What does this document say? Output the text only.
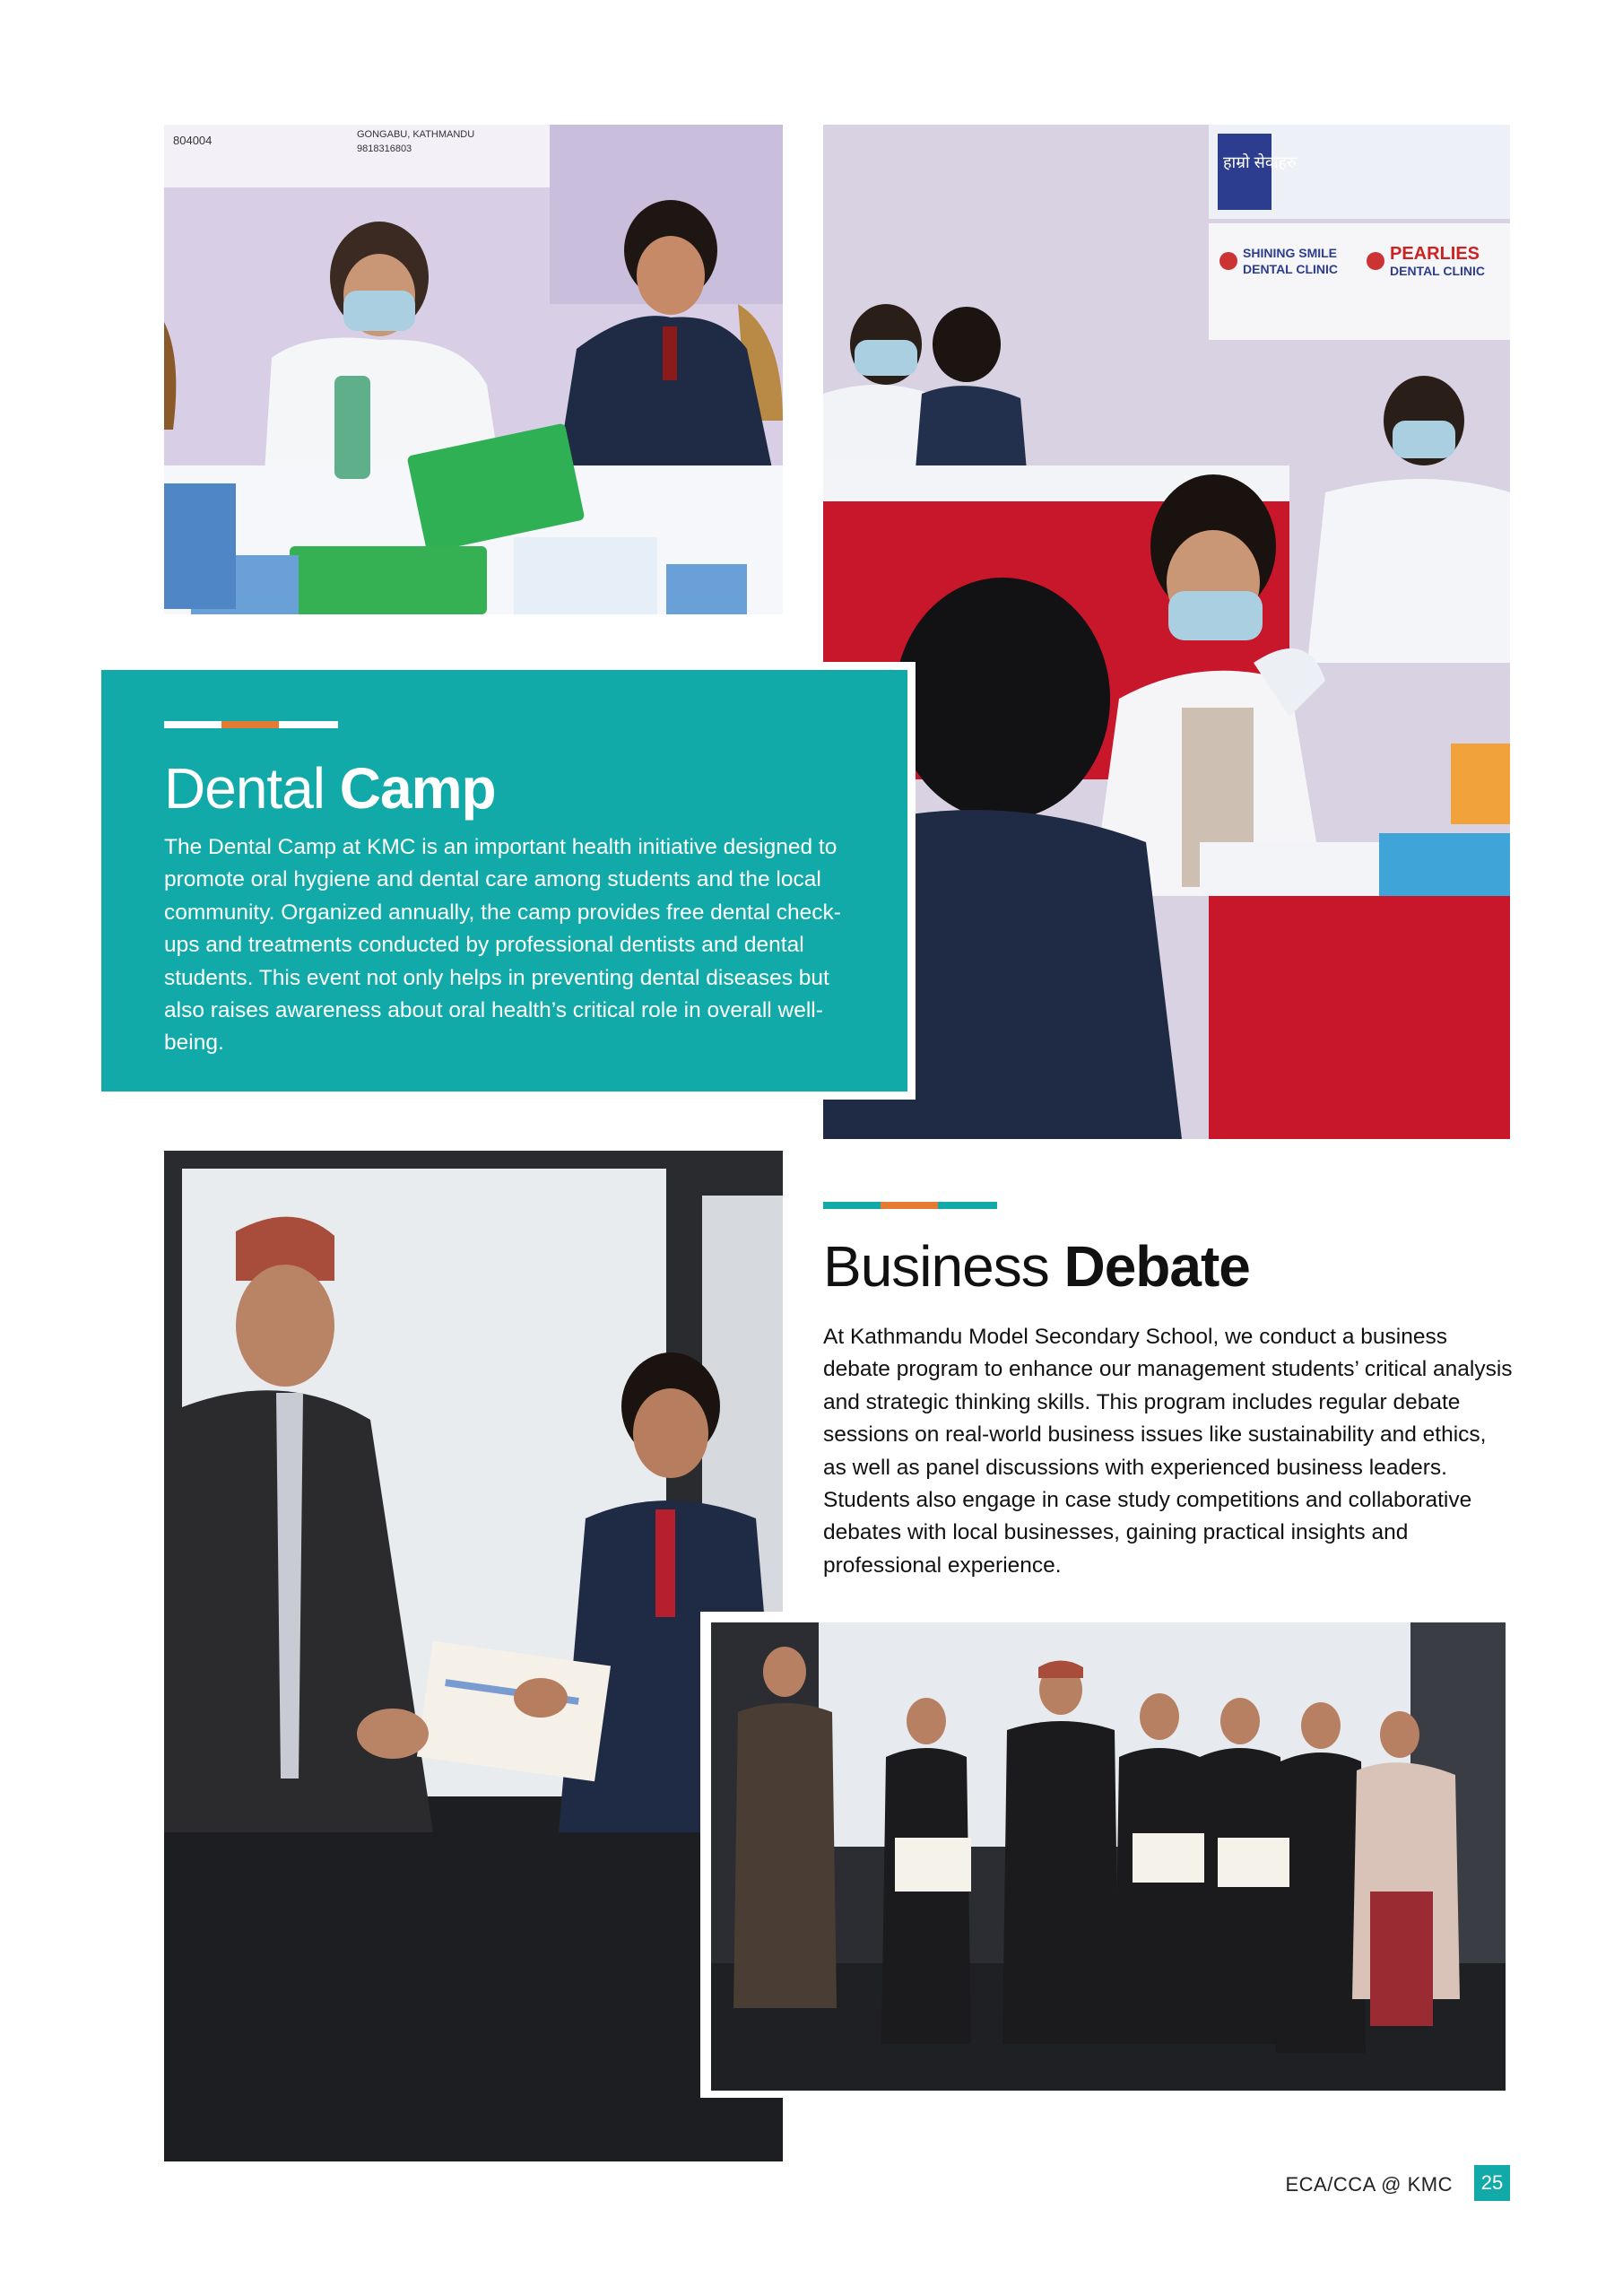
804004	GONGABU, KATHMANDU
9818316803
हाम्रो सेवाहरु
SHINING SMILE
DENTAL CLINIC
PEARLIES
DENTAL CLINIC
Dental Camp

The Dental Camp at KMC is an important health initiative designed to promote oral hygiene and dental care among students and the local community. Organized annually, the camp provides free dental check-ups and treatments conducted by professional dentists and dental students. This event not only helps in preventing dental diseases but also raises awareness about oral health’s critical role in overall well-being.

Business Debate

At Kathmandu Model Secondary School, we conduct a business debate program to enhance our management students’ critical analysis and strategic thinking skills. This program includes regular debate sessions on real-world business issues like sustainability and ethics, as well as panel discussions with experienced business leaders. Students also engage in case study competitions and collaborative debates with local businesses, gaining practical insights and professional experience.

ECA/CCA @ KMC	25
